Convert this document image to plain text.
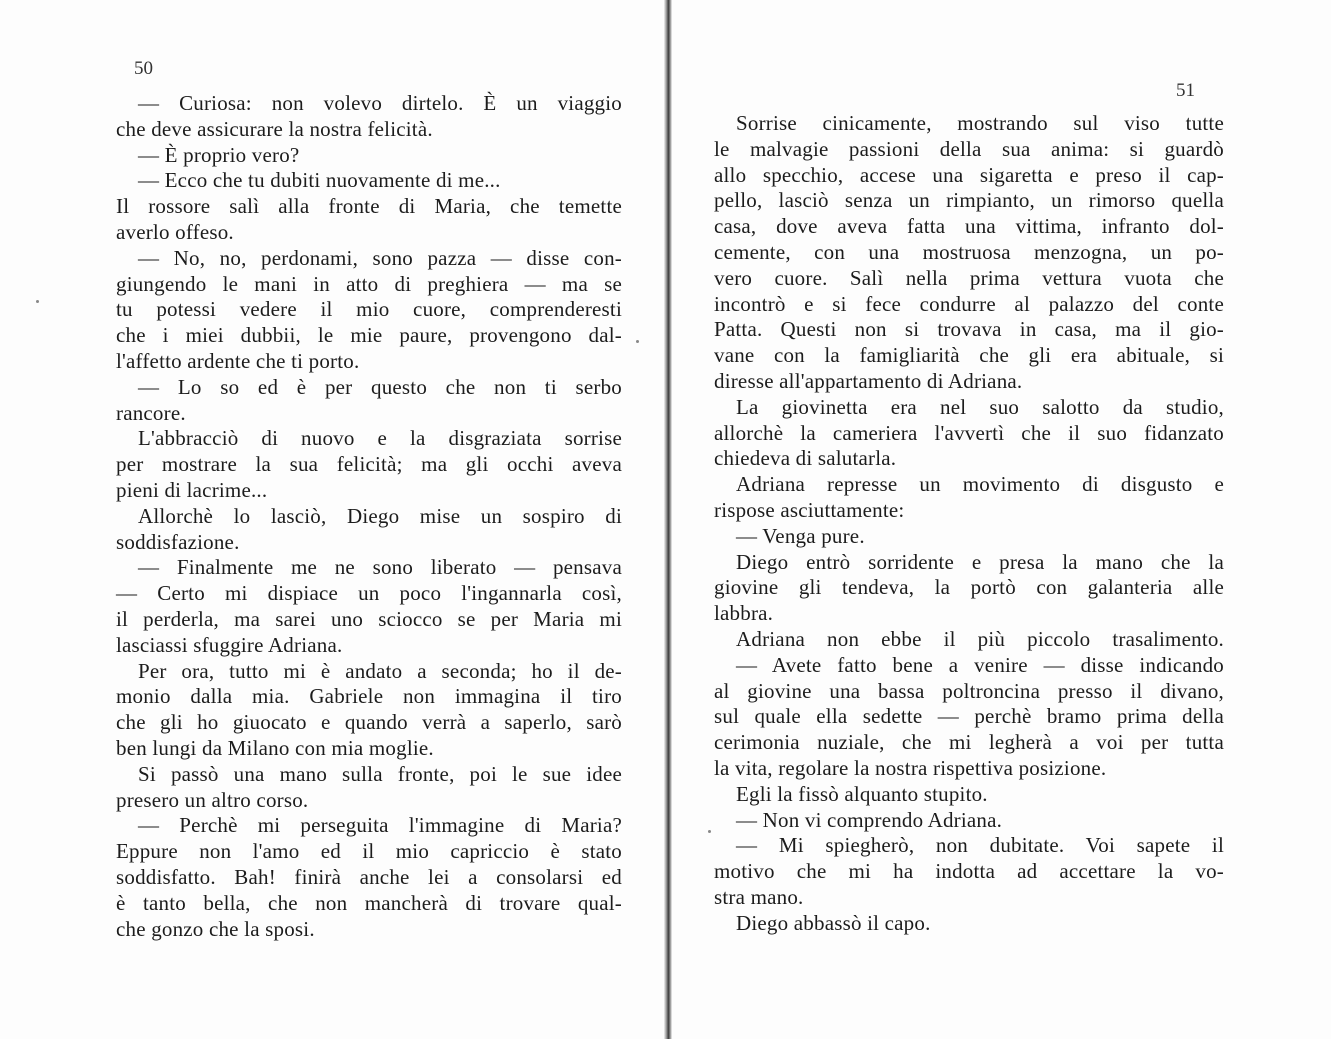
50
— Curiosa: non volevo dirtelo. È un viaggio
che deve assicurare la nostra felicità.
— È proprio vero?
— Ecco che tu dubiti nuovamente di me...
Il rossore salì alla fronte di Maria, che temette
averlo offeso.
— No, no, perdonami, sono pazza — disse con-
giungendo le mani in atto di preghiera — ma se
tu potessi vedere il mio cuore, comprenderesti
che i miei dubbii, le mie paure, provengono dal-
l'affetto ardente che ti porto.
— Lo so ed è per questo che non ti serbo
rancore.
L'abbracciò di nuovo e la disgraziata sorrise
per mostrare la sua felicità; ma gli occhi aveva
pieni di lacrime...
Allorchè lo lasciò, Diego mise un sospiro di
soddisfazione.
— Finalmente me ne sono liberato — pensava
— Certo mi dispiace un poco l'ingannarla così,
il perderla, ma sarei uno sciocco se per Maria mi
lasciassi sfuggire Adriana.
Per ora, tutto mi è andato a seconda; ho il de-
monio dalla mia. Gabriele non immagina il tiro
che gli ho giuocato e quando verrà a saperlo, sarò
ben lungi da Milano con mia moglie.
Si passò una mano sulla fronte, poi le sue idee
presero un altro corso.
— Perchè mi perseguita l'immagine di Maria?
Eppure non l'amo ed il mio capriccio è stato
soddisfatto. Bah! finirà anche lei a consolarsi ed
è tanto bella, che non mancherà di trovare qual-
che gonzo che la sposi.
51
Sorrise cinicamente, mostrando sul viso tutte
le malvagie passioni della sua anima: si guardò
allo specchio, accese una sigaretta e preso il cap-
pello, lasciò senza un rimpianto, un rimorso quella
casa, dove aveva fatta una vittima, infranto dol-
cemente, con una mostruosa menzogna, un po-
vero cuore. Salì nella prima vettura vuota che
incontrò e si fece condurre al palazzo del conte
Patta. Questi non si trovava in casa, ma il gio-
vane con la famigliarità che gli era abituale, si
diresse all'appartamento di Adriana.
La giovinetta era nel suo salotto da studio,
allorchè la cameriera l'avvertì che il suo fidanzato
chiedeva di salutarla.
Adriana represse un movimento di disgusto e
rispose asciuttamente:
— Venga pure.
Diego entrò sorridente e presa la mano che la
giovine gli tendeva, la portò con galanteria alle
labbra.
Adriana non ebbe il più piccolo trasalimento.
— Avete fatto bene a venire — disse indicando
al giovine una bassa poltroncina presso il divano,
sul quale ella sedette — perchè bramo prima della
cerimonia nuziale, che mi legherà a voi per tutta
la vita, regolare la nostra rispettiva posizione.
Egli la fissò alquanto stupito.
— Non vi comprendo Adriana.
— Mi spiegherò, non dubitate. Voi sapete il
motivo che mi ha indotta ad accettare la vo-
stra mano.
Diego abbassò il capo.
